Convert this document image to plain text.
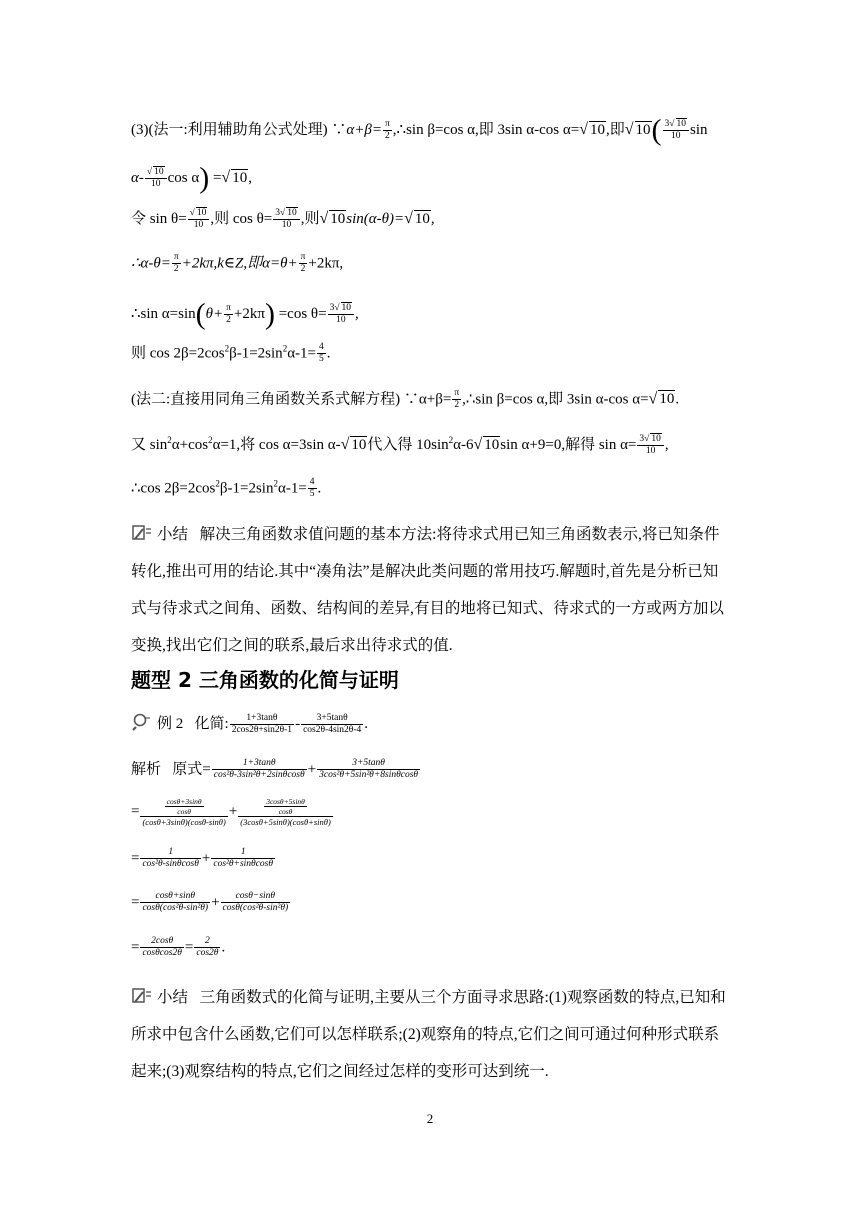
(3)(法一:利用辅助角公式处理) ∵α+β= $\frac{\pi}{2}$ ,∴sin β=cos α,即 3sin α-cos α=√ 10,即√ $10( \frac{3√ 10}{10}$ sin
$\alpha- \frac{√ 10}{10}$ cos α) =√ 10,
令 $\sin \theta= \frac{√ 10}{10}$ ,则 $\cos \theta= \frac{3√ 10}{10}$ ,则√ 10sin(α-θ)=√ 10,
∴α-θ= $\frac{\pi}{2}$ +2kπ,k∈Z,即$\alpha=\theta+ \frac{\pi}{2} +2k\pi$,
∴sin $\alpha=\sin(\theta+ \frac{\pi}{2} +2k\pi) =\cos$ $\theta= \frac{3√ 10}{10}$ ,
则 $\cos 2\beta=2\cos^2\beta-1=2\sin^2\alpha-1= \frac{4}{5}$ .
(法二:直接用同角三角函数关系式解方程) ∵α+β= $\frac{\pi}{2}$ ,∴sin β=cos α,即 3sin α-cos α=√ 10.
又 $\sin^2\alpha+\cos^2\alpha=1$,将 cos α=3sin α-√ 10代入得 $10\sin^2\alpha-6√$ 10sin α+9=0,解得 $\sin \alpha= \frac{3√ 10}{10}$ ,
∴cos $2\beta=2\cos^2\beta-1=2\sin^2\alpha-1= \frac{4}{5}$ .
小结 解决三角函数求值问题的基本方法:将待求式用已知三角函数表示,将已知条件转化,推出可用的结论.其中“凑角法”是解决此类问题的常用技巧.解题时,首先是分析已知式与待求式之间角、函数、结构间的差异,有目的地将已知式、待求式的一方或两方加以变换,找出它们之间的联系,最后求出待求式的值.
题型 2 三角函数的化简与证明
例 2 化简: $\frac{1+3\tan\theta}{2\cos 2\theta+\sin 2\theta-1} - \frac{3+5\tan\theta}{\cos 2\theta-4\sin 2\theta-4}$ .
解析 原式= $\frac{1+3\tan\theta}{\text{cos²θ-3sin²θ+2sinθcosθ}} + \frac{3+5\tan\theta}{\text{3cos²θ+5sin²θ+8sinθcosθ}}$
= $\frac{\frac{\cos\theta+3\sin\theta}{\cos\theta}}{(\cos\theta+3\sin\theta)(\cos\theta-\sin\theta)} + \frac{\frac{3\cos\theta+5\sin\theta}{\cos\theta}}{(3\cos\theta+5\sin\theta)(\cos\theta+\sin\theta)}$
= $\frac{1}{\text{cos²θ-sinθcosθ}} + \frac{1}{\text{cos²θ+sinθcosθ}}$
= $\frac{\cos\theta+\sin\theta}{\text{cosθ(cos²θ-sin²θ)}} + \frac{\cos\theta-\sin\theta}{\text{cosθ(cos²θ-sin²θ)}}$
= $\frac{2\cos\theta}{\cos\theta\cos 2\theta} = \frac{2}{\cos 2\theta}$ .
小结 三角函数式的化简与证明,主要从三个方面寻求思路:(1)观察函数的特点,已知和所求中包含什么函数,它们可以怎样联系;(2)观察角的特点,它们之间可通过何种形式联系起来;(3)观察结构的特点,它们之间经过怎样的变形可达到统一.
2
